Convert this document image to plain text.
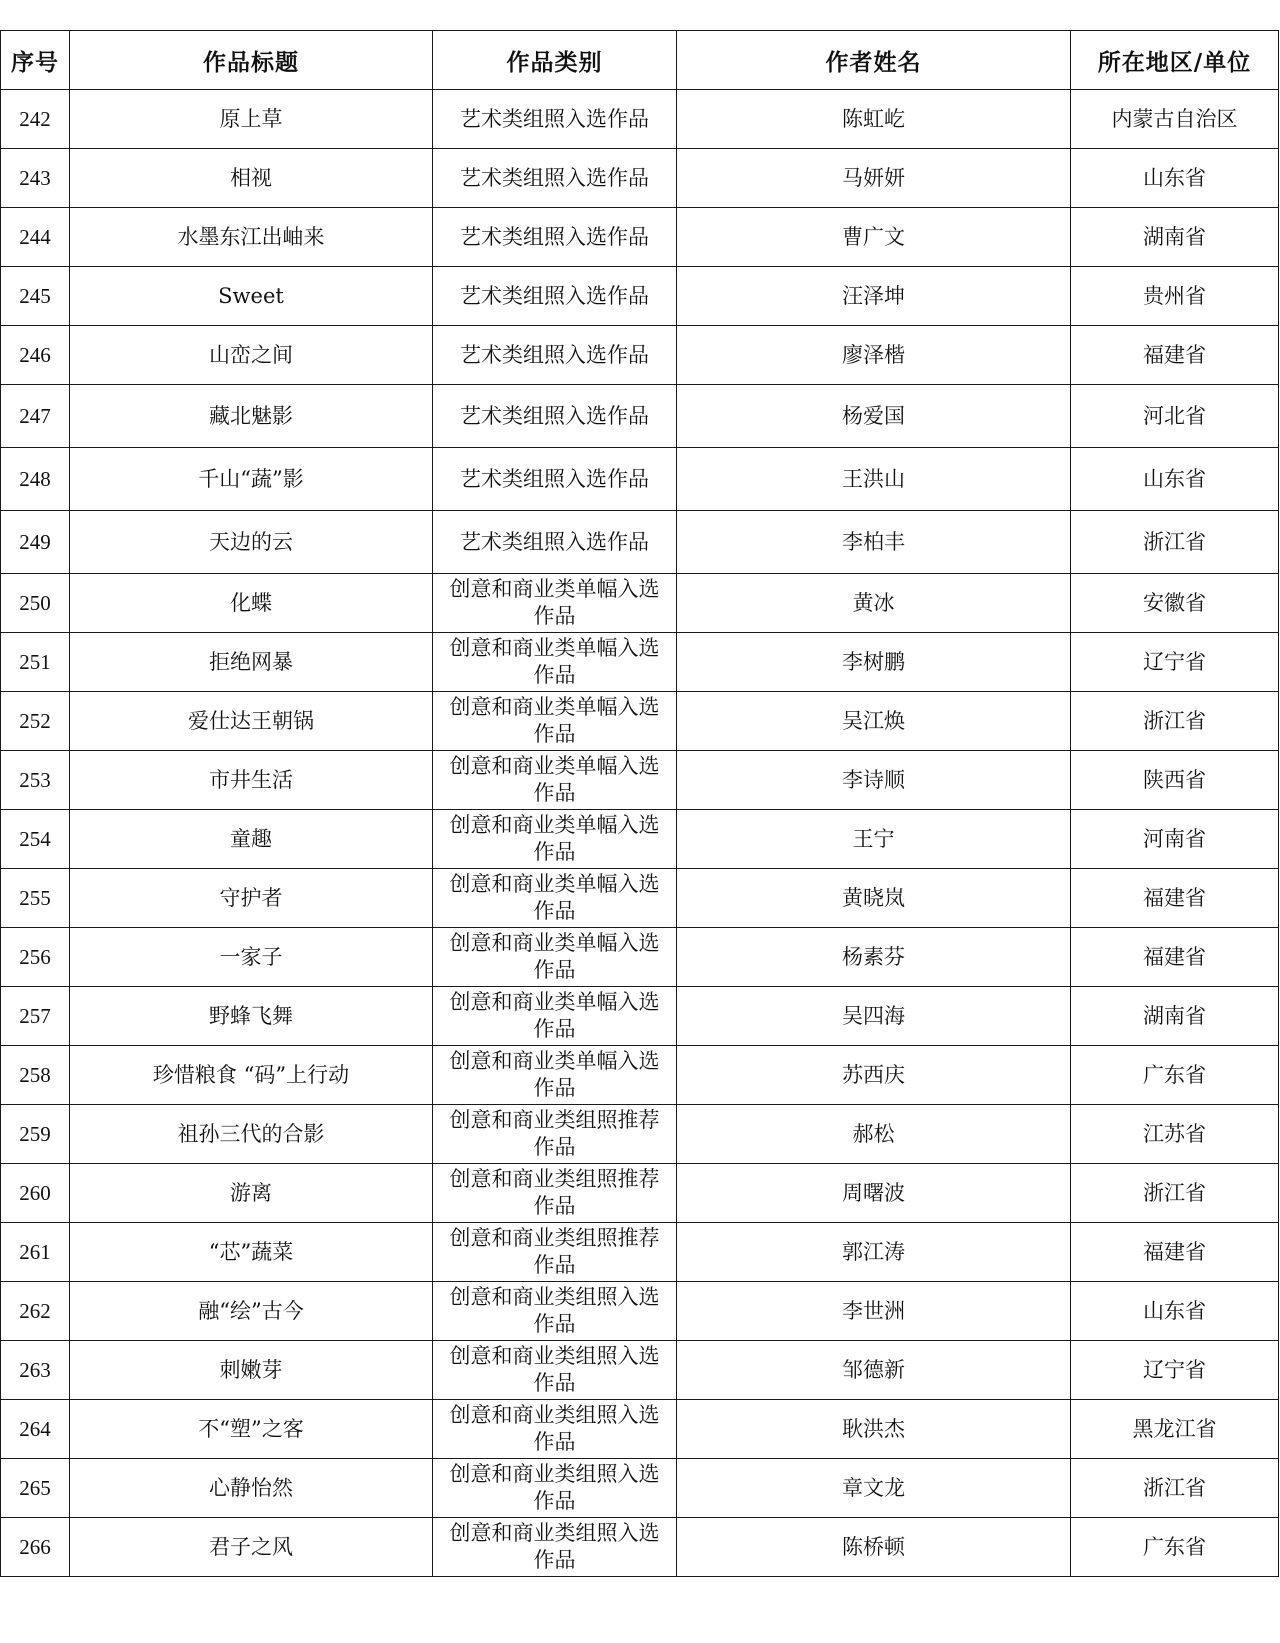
序号	作品标题	作品类别	作者姓名	所在地区/单位
242	原上草	艺术类组照入选作品	陈虹屹	内蒙古自治区
243	相视	艺术类组照入选作品	马妍妍	山东省
244	水墨东江出岫来	艺术类组照入选作品	曹广文	湖南省
245	Sweet	艺术类组照入选作品	汪泽坤	贵州省
246	山峦之间	艺术类组照入选作品	廖泽楷	福建省
247	藏北魅影	艺术类组照入选作品	杨爱国	河北省
248	千山“蔬”影	艺术类组照入选作品	王洪山	山东省
249	天边的云	艺术类组照入选作品	李柏丰	浙江省
250	化蝶	创意和商业类单幅入选作品	黄冰	安徽省
251	拒绝网暴	创意和商业类单幅入选作品	李树鹏	辽宁省
252	爱仕达王朝锅	创意和商业类单幅入选作品	吴江焕	浙江省
253	市井生活	创意和商业类单幅入选作品	李诗顺	陕西省
254	童趣	创意和商业类单幅入选作品	王宁	河南省
255	守护者	创意和商业类单幅入选作品	黄晓岚	福建省
256	一家子	创意和商业类单幅入选作品	杨素芬	福建省
257	野蜂飞舞	创意和商业类单幅入选作品	吴四海	湖南省
258	珍惜粮食 “码”上行动	创意和商业类单幅入选作品	苏西庆	广东省
259	祖孙三代的合影	创意和商业类组照推荐作品	郝松	江苏省
260	游离	创意和商业类组照推荐作品	周曙波	浙江省
261	“芯”蔬菜	创意和商业类组照推荐作品	郭江涛	福建省
262	融“绘”古今	创意和商业类组照入选作品	李世洲	山东省
263	刺嫩芽	创意和商业类组照入选作品	邹德新	辽宁省
264	不“塑”之客	创意和商业类组照入选作品	耿洪杰	黑龙江省
265	心静怡然	创意和商业类组照入选作品	章文龙	浙江省
266	君子之风	创意和商业类组照入选作品	陈桥顿	广东省
